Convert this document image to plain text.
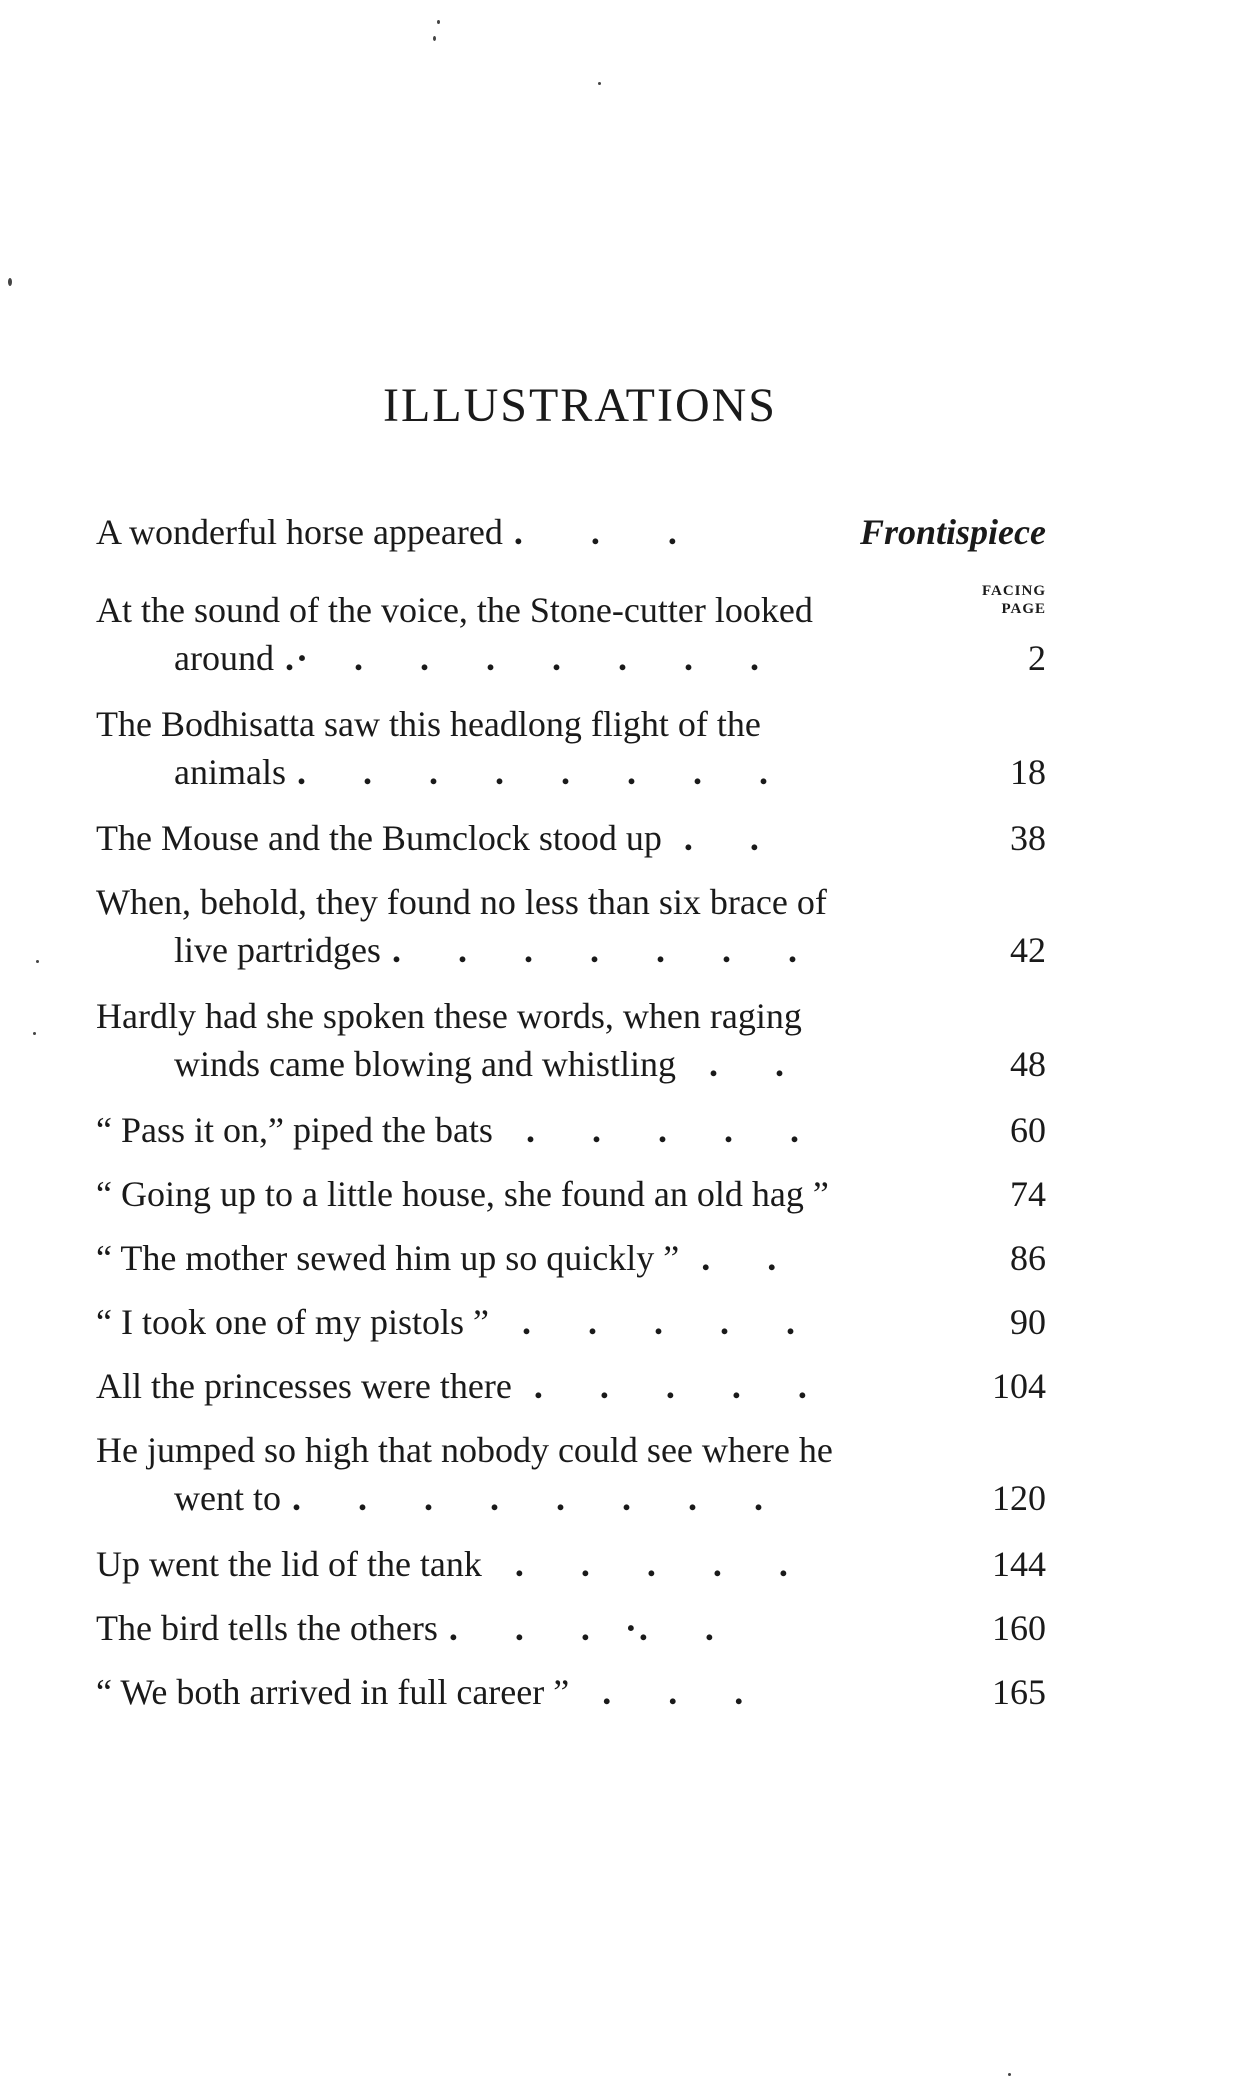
ILLUSTRATIONS
FACING
PAGE
A wonderful horse appeared .      .      .	Frontispiece
At the sound of the voice, the Stone-cutter looked
around .·    .     .     .     .     .     .     .	2
The Bodhisatta saw this headlong flight of the
animals .     .     .     .     .     .     .     .	18
The Mouse and the Bumclock stood up  .     .	38
When, behold, they found no less than six brace of
live partridges .     .     .     .     .     .     .	42
Hardly had she spoken these words, when raging
winds came blowing and whistling   .     .	48
“ Pass it on,” piped the bats   .     .     .     .     .	60
“ Going up to a little house, she found an old hag ”	74
“ The mother sewed him up so quickly ”  .     .	86
“ I took one of my pistols ”   .     .     .     .     .	90
All the princesses were there  .     .     .     .     .	104
He jumped so high that nobody could see where he
went to .     .     .     .     .     .     .     .	120
Up went the lid of the tank   .     .     .     .     .	144
The bird tells the others .     .     .   ·.     .	160
“ We both arrived in full career ”   .     .     .	165
